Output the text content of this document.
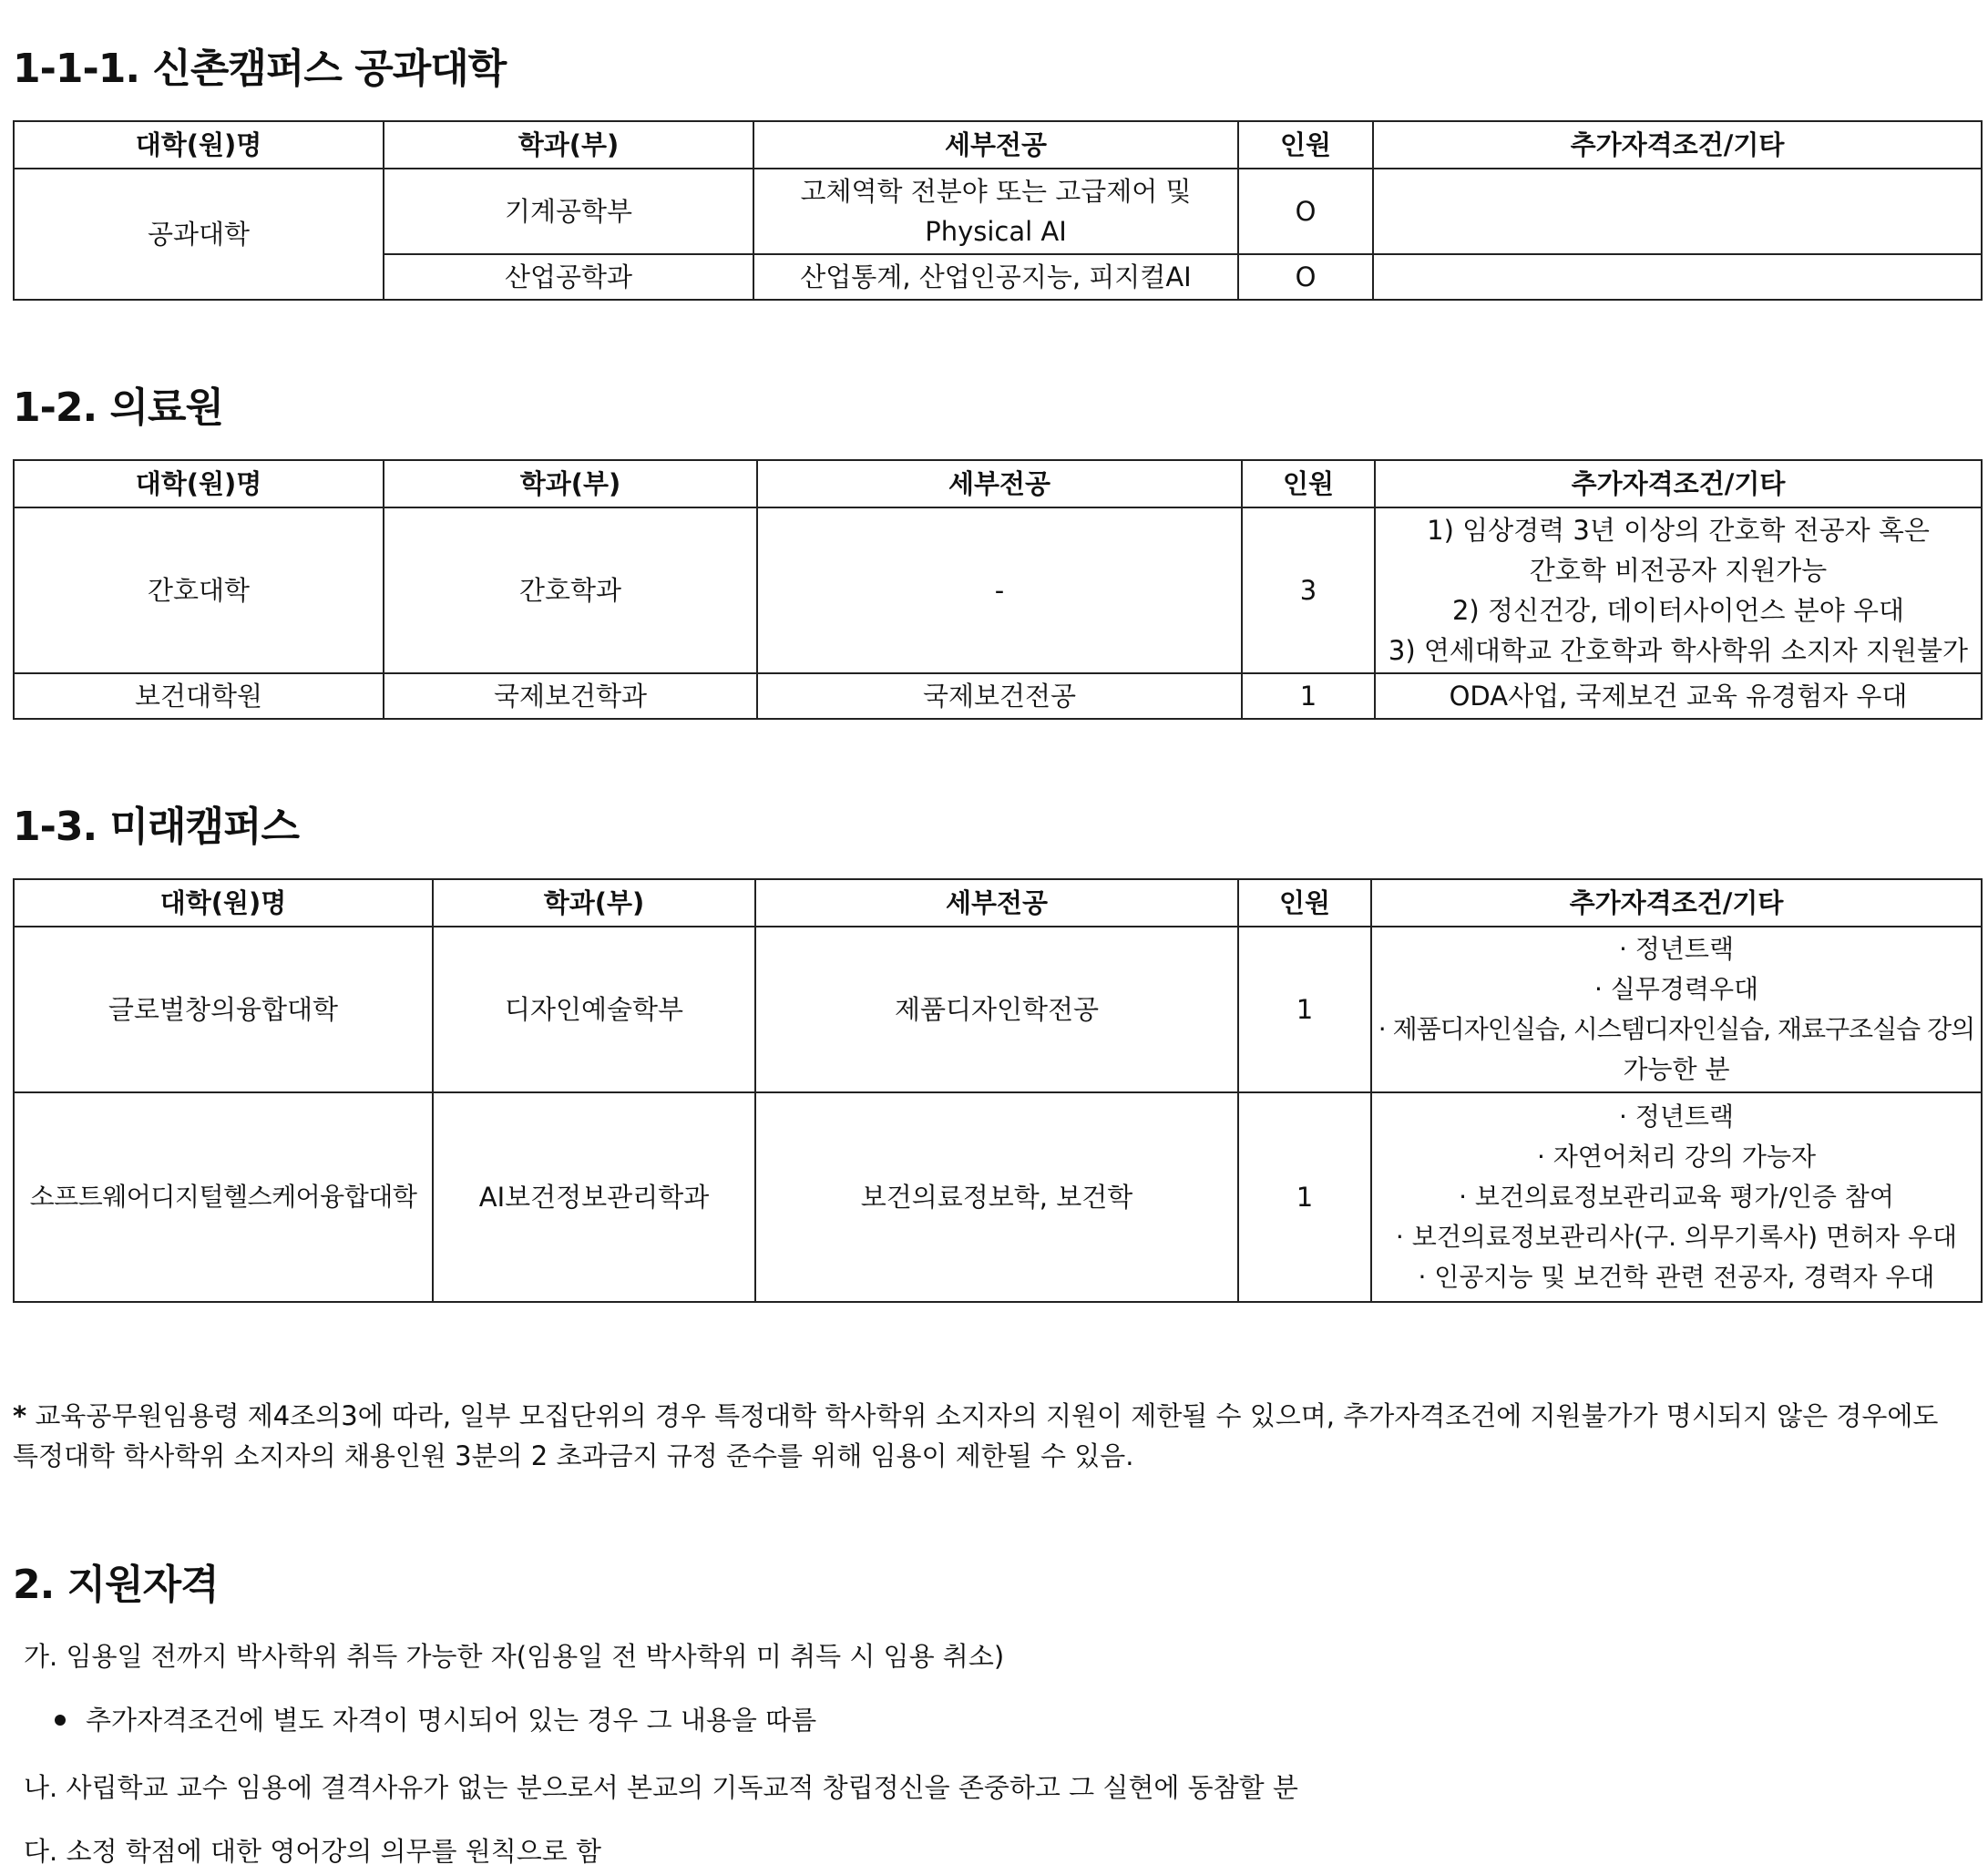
1-1-1. 신촌캠퍼스 공과대학
대학(원)명	학과(부)	세부전공	인원	추가자격조건/기타
공과대학	기계공학부	고체역학 전분야 또는 고급제어 및 Physical AI	O	
	산업공학과	산업통계, 산업인공지능, 피지컬AI	O	
1-2. 의료원
대학(원)명	학과(부)	세부전공	인원	추가자격조건/기타
간호대학	간호학과	-	3	1) 임상경력 3년 이상의 간호학 전공자 혹은
간호학 비전공자 지원가능
2) 정신건강, 데이터사이언스 분야 우대
3) 연세대학교 간호학과 학사학위 소지자 지원불가

보건대학원	국제보건학과	국제보건전공	1	ODA사업, 국제보건 교육 유경험자 우대
1-3. 미래캠퍼스
대학(원)명	학과(부)	세부전공	인원	추가자격조건/기타
글로벌창의융합대학	디자인예술학부	제품디자인학전공	1	· 정년트랙
· 실무경력우대
· 제품디자인실습, 시스템디자인실습, 재료구조실습 강의
가능한 분

소프트웨어디지털헬스케어융합대학	AI보건정보관리학과	보건의료정보학, 보건학	1	· 정년트랙
· 자연어처리 강의 가능자
· 보건의료정보관리교육 평가/인증 참여
· 보건의료정보관리사(구. 의무기록사) 면허자 우대
· 인공지능 및 보건학 관련 전공자, 경력자 우대

* 교육공무원임용령 제4조의3에 따라, 일부 모집단위의 경우 특정대학 학사학위 소지자의 지원이 제한될 수 있으며, 추가자격조건에 지원불가가 명시되지 않은 경우에도 특정대학 학사학위 소지자의 채용인원 3분의 2 초과금지 규정 준수를 위해 임용이 제한될 수 있음.

2. 지원자격

가. 임용일 전까지 박사학위 취득 가능한 자(임용일 전 박사학위 미 취득 시 임용 취소)

추가자격조건에 별도 자격이 명시되어 있는 경우 그 내용을 따름

나. 사립학교 교수 임용에 결격사유가 없는 분으로서 본교의 기독교적 창립정신을 존중하고 그 실현에 동참할 분

다. 소정 학점에 대한 영어강의 의무를 원칙으로 함
